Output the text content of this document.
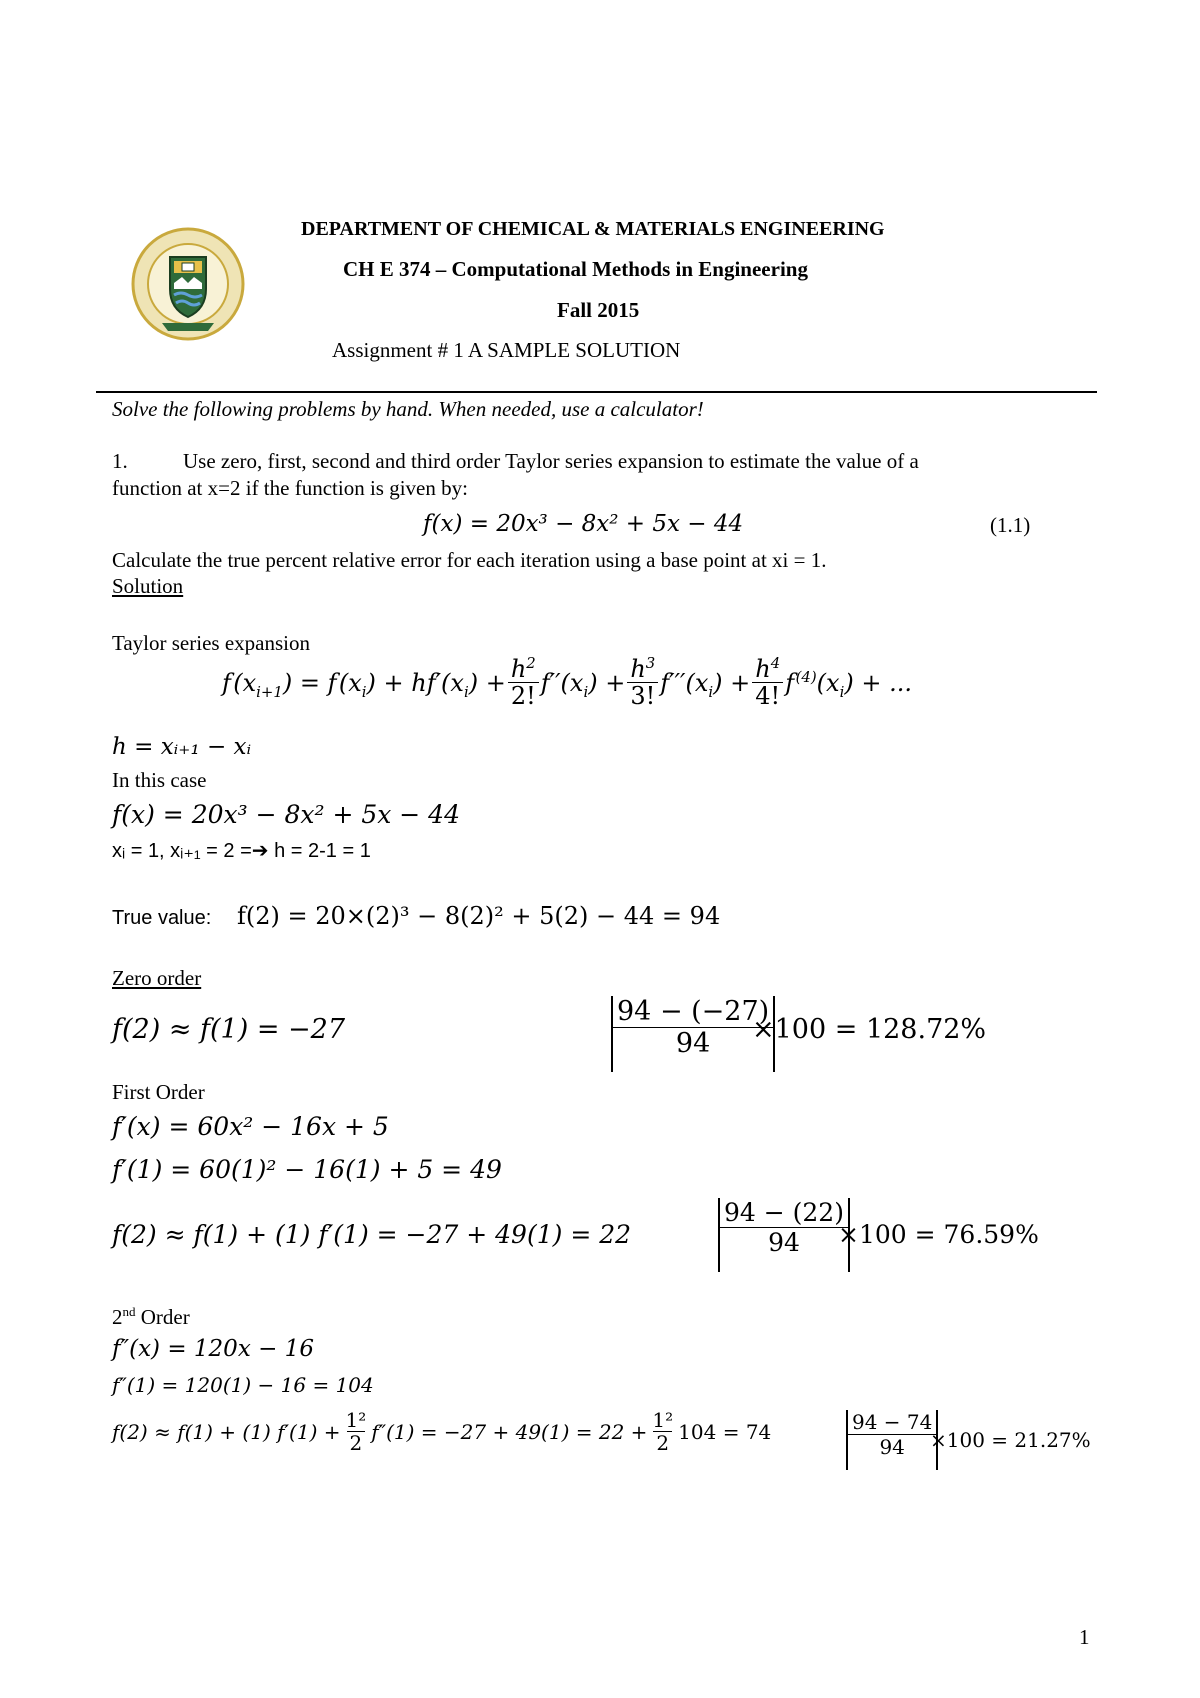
DEPARTMENT OF CHEMICAL & MATERIALS ENGINEERING
CH E 374 – Computational Methods in Engineering
Fall 2015
Assignment # 1 A SAMPLE SOLUTION
Solve the following problems by hand. When needed, use a calculator!
1.	Use zero, first, second and third order Taylor series expansion to estimate the value of a
function at x=2 if the function is given by:
f(x) = 20x³ − 8x² + 5x − 44	(1.1)
Calculate the true percent relative error for each iteration using a base point at xi = 1.
Solution
Taylor series expansion
f $(x_{i+1}) = f$ $(x_i) + hf'(x_i) + \frac{h^2}{2!} f''(x_i) + \frac{h^3}{3!} f'''(x_i) + \frac{h^4}{4!}$ f $^{(4)}(x_i)$ + ...
h = xᵢ₊₁ − xᵢ
In this case
f(x) = 20x³ − 8x² + 5x − 44
xᵢ = 1, xᵢ₊₁ = 2 =➔ h = 2-1 = 1
True value: f(2) = 20×(2)³ − 8(2)² + 5(2) − 44 = 94
Zero order
f(2) ≈ f(1) = −27
94 − (−27)
94 ×100 = 128.72%
First Order
f′(x) = 60x² − 16x + 5
f′(1) = 60(1)² − 16(1) + 5 = 49
f(2) ≈ f(1) + (1) f′(1) = −27 + 49(1) = 22
94 − (22)
94 ×100 = 76.59%
2nd Order
f″(x) = 120x − 16
f″(1) = 120(1) − 16 = 104
f(2) ≈ f(1) + (1) $f'(1) + \frac{\text{1²}}{2} f''(1) = -27 + 49(1) = 22 + \frac{\text{1²}}{2} 104 = 74$	94 − 74
94 ×100 = 21.27%
1
